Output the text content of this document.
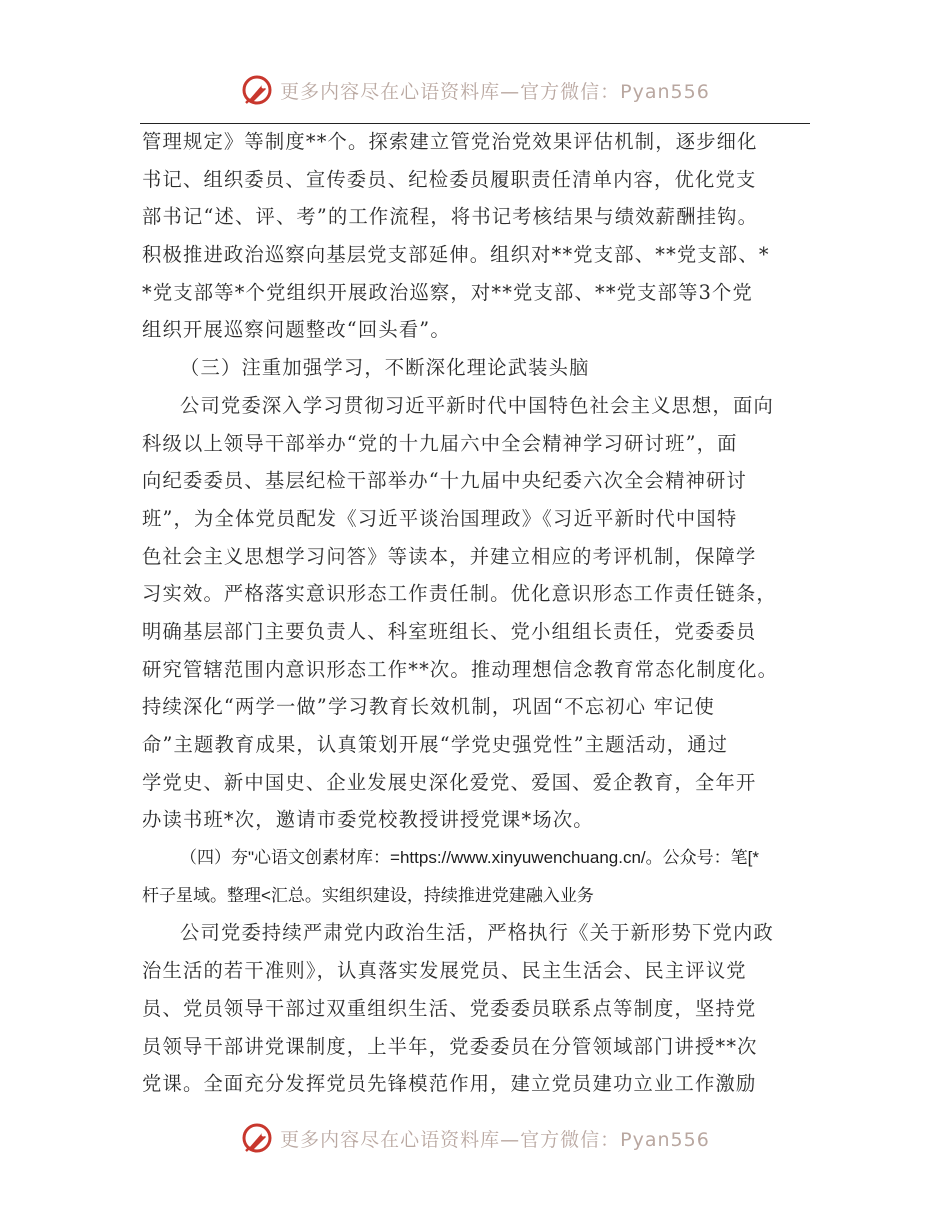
更多内容尽在心语资料库—官方微信：Pyan556
管理规定》等制度**个。探索建立管党治党效果评估机制，逐步细化
书记、组织委员、宣传委员、纪检委员履职责任清单内容，优化党支
部书记“述、评、考”的工作流程，将书记考核结果与绩效薪酬挂钩。
积极推进政治巡察向基层党支部延伸。组织对**党支部、**党支部、*
*党支部等*个党组织开展政治巡察，对**党支部、**党支部等3个党
组织开展巡察问题整改“回头看”。
（三）注重加强学习，不断深化理论武装头脑
公司党委深入学习贯彻习近平新时代中国特色社会主义思想，面向
科级以上领导干部举办“党的十九届六中全会精神学习研讨班”，面
向纪委委员、基层纪检干部举办“十九届中央纪委六次全会精神研讨
班”，为全体党员配发《习近平谈治国理政》《习近平新时代中国特
色社会主义思想学习问答》等读本，并建立相应的考评机制，保障学
习实效。严格落实意识形态工作责任制。优化意识形态工作责任链条，
明确基层部门主要负责人、科室班组长、党小组组长责任，党委委员
研究管辖范围内意识形态工作**次。推动理想信念教育常态化制度化。
持续深化“两学一做”学习教育长效机制，巩固“不忘初心 牢记使
命”主题教育成果，认真策划开展“学党史强党性”主题活动，通过
学党史、新中国史、企业发展史深化爱党、爱国、爱企教育，全年开
办读书班*次，邀请市委党校教授讲授党课*场次。
（四）夯"心语文创素材库：=https://www.xinyuwenchuang.cn/。公众号：笔[*
杆子星域。整理<汇总。实组织建设，持续推进党建融入业务
公司党委持续严肃党内政治生活，严格执行《关于新形势下党内政
治生活的若干准则》，认真落实发展党员、民主生活会、民主评议党
员、党员领导干部过双重组织生活、党委委员联系点等制度，坚持党
员领导干部讲党课制度，上半年，党委委员在分管领域部门讲授**次
党课。全面充分发挥党员先锋模范作用，建立党员建功立业工作激励
更多内容尽在心语资料库—官方微信：Pyan556
